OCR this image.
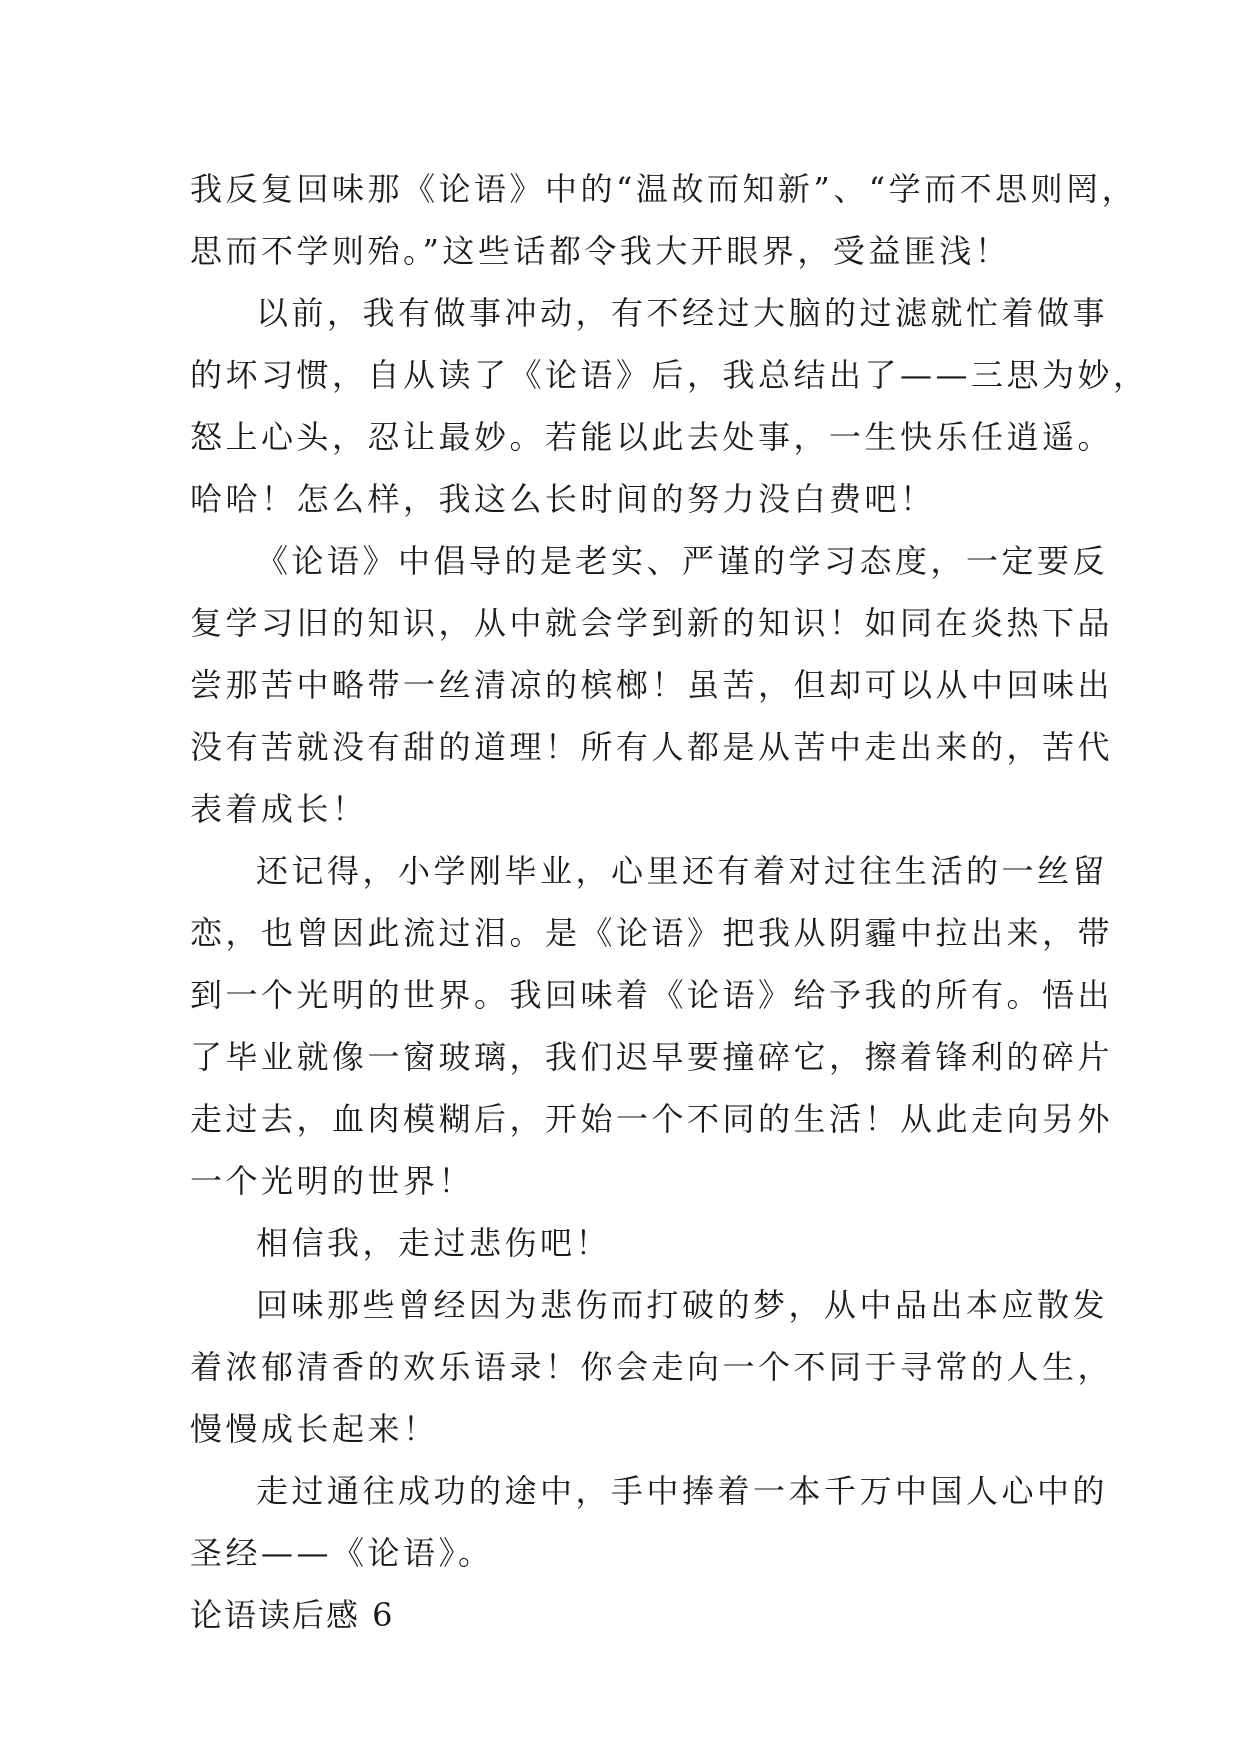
我反复回味那《论语》中的“温故而知新”、“学而不思则罔，
思而不学则殆。”这些话都令我大开眼界，受益匪浅！
以前，我有做事冲动，有不经过大脑的过滤就忙着做事
的坏习惯，自从读了《论语》后，我总结出了——三思为妙，
怒上心头，忍让最妙。若能以此去处事，一生快乐任逍遥。
哈哈！怎么样，我这么长时间的努力没白费吧！
《论语》中倡导的是老实、严谨的学习态度，一定要反
复学习旧的知识，从中就会学到新的知识！如同在炎热下品
尝那苦中略带一丝清凉的槟榔！虽苦，但却可以从中回味出
没有苦就没有甜的道理！所有人都是从苦中走出来的，苦代
表着成长！
还记得，小学刚毕业，心里还有着对过往生活的一丝留
恋，也曾因此流过泪。是《论语》把我从阴霾中拉出来，带
到一个光明的世界。我回味着《论语》给予我的所有。悟出
了毕业就像一窗玻璃，我们迟早要撞碎它，擦着锋利的碎片
走过去，血肉模糊后，开始一个不同的生活！从此走向另外
一个光明的世界！
相信我，走过悲伤吧！
回味那些曾经因为悲伤而打破的梦，从中品出本应散发
着浓郁清香的欢乐语录！你会走向一个不同于寻常的人生，
慢慢成长起来！
走过通往成功的途中，手中捧着一本千万中国人心中的
圣经——《论语》。
论语读后感 6
